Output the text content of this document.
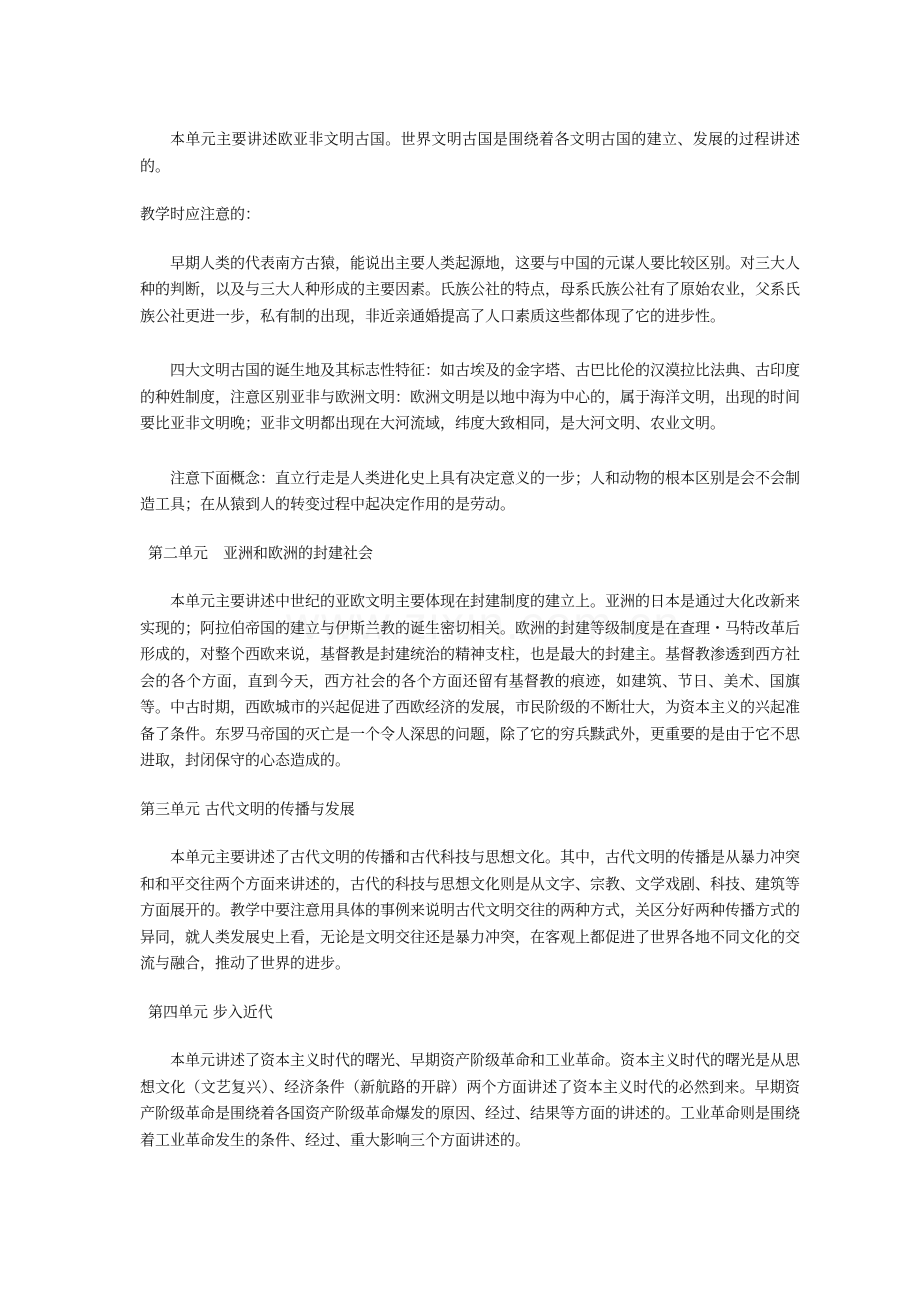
本单元主要讲述欧亚非文明古国。世界文明古国是围绕着各文明古国的建立、发展的过程讲述的。

教学时应注意的：

早期人类的代表南方古猿，能说出主要人类起源地，这要与中国的元谋人要比较区别。对三大人种的判断，以及与三大人种形成的主要因素。氏族公社的特点，母系氏族公社有了原始农业，父系氏族公社更进一步，私有制的出现，非近亲通婚提高了人口素质这些都体现了它的进步性。

四大文明古国的诞生地及其标志性特征：如古埃及的金字塔、古巴比伦的汉漠拉比法典、古印度的种姓制度，注意区别亚非与欧洲文明：欧洲文明是以地中海为中心的，属于海洋文明，出现的时间要比亚非文明晚；亚非文明都出现在大河流域，纬度大致相同，是大河文明、农业文明。

注意下面概念：直立行走是人类进化史上具有决定意义的一步；人和动物的根本区别是会不会制造工具；在从猿到人的转变过程中起决定作用的是劳动。

第二单元　亚洲和欧洲的封建社会

本单元主要讲述中世纪的亚欧文明主要体现在封建制度的建立上。亚洲的日本是通过大化改新来实现的；阿拉伯帝国的建立与伊斯兰教的诞生密切相关。欧洲的封建等级制度是在查理・马特改革后形成的，对整个西欧来说，基督教是封建统治的精神支柱，也是最大的封建主。基督教渗透到西方社会的各个方面，直到今天，西方社会的各个方面还留有基督教的痕迹，如建筑、节日、美术、国旗等。中古时期，西欧城市的兴起促进了西欧经济的发展，市民阶级的不断壮大，为资本主义的兴起准备了条件。东罗马帝国的灭亡是一个令人深思的问题，除了它的穷兵黩武外，更重要的是由于它不思进取，封闭保守的心态造成的。

第三单元 古代文明的传播与发展

本单元主要讲述了古代文明的传播和古代科技与思想文化。其中，古代文明的传播是从暴力冲突和和平交往两个方面来讲述的，古代的科技与思想文化则是从文字、宗教、文学戏剧、科技、建筑等方面展开的。教学中要注意用具体的事例来说明古代文明交往的两种方式，关区分好两种传播方式的异同，就人类发展史上看，无论是文明交往还是暴力冲突，在客观上都促进了世界各地不同文化的交流与融合，推动了世界的进步。

第四单元 步入近代

本单元讲述了资本主义时代的曙光、早期资产阶级革命和工业革命。资本主义时代的曙光是从思想文化（文艺复兴）、经济条件（新航路的开辟）两个方面讲述了资本主义时代的必然到来。早期资产阶级革命是围绕着各国资产阶级革命爆发的原因、经过、结果等方面的讲述的。工业革命则是围绕着工业革命发生的条件、经过、重大影响三个方面讲述的。
